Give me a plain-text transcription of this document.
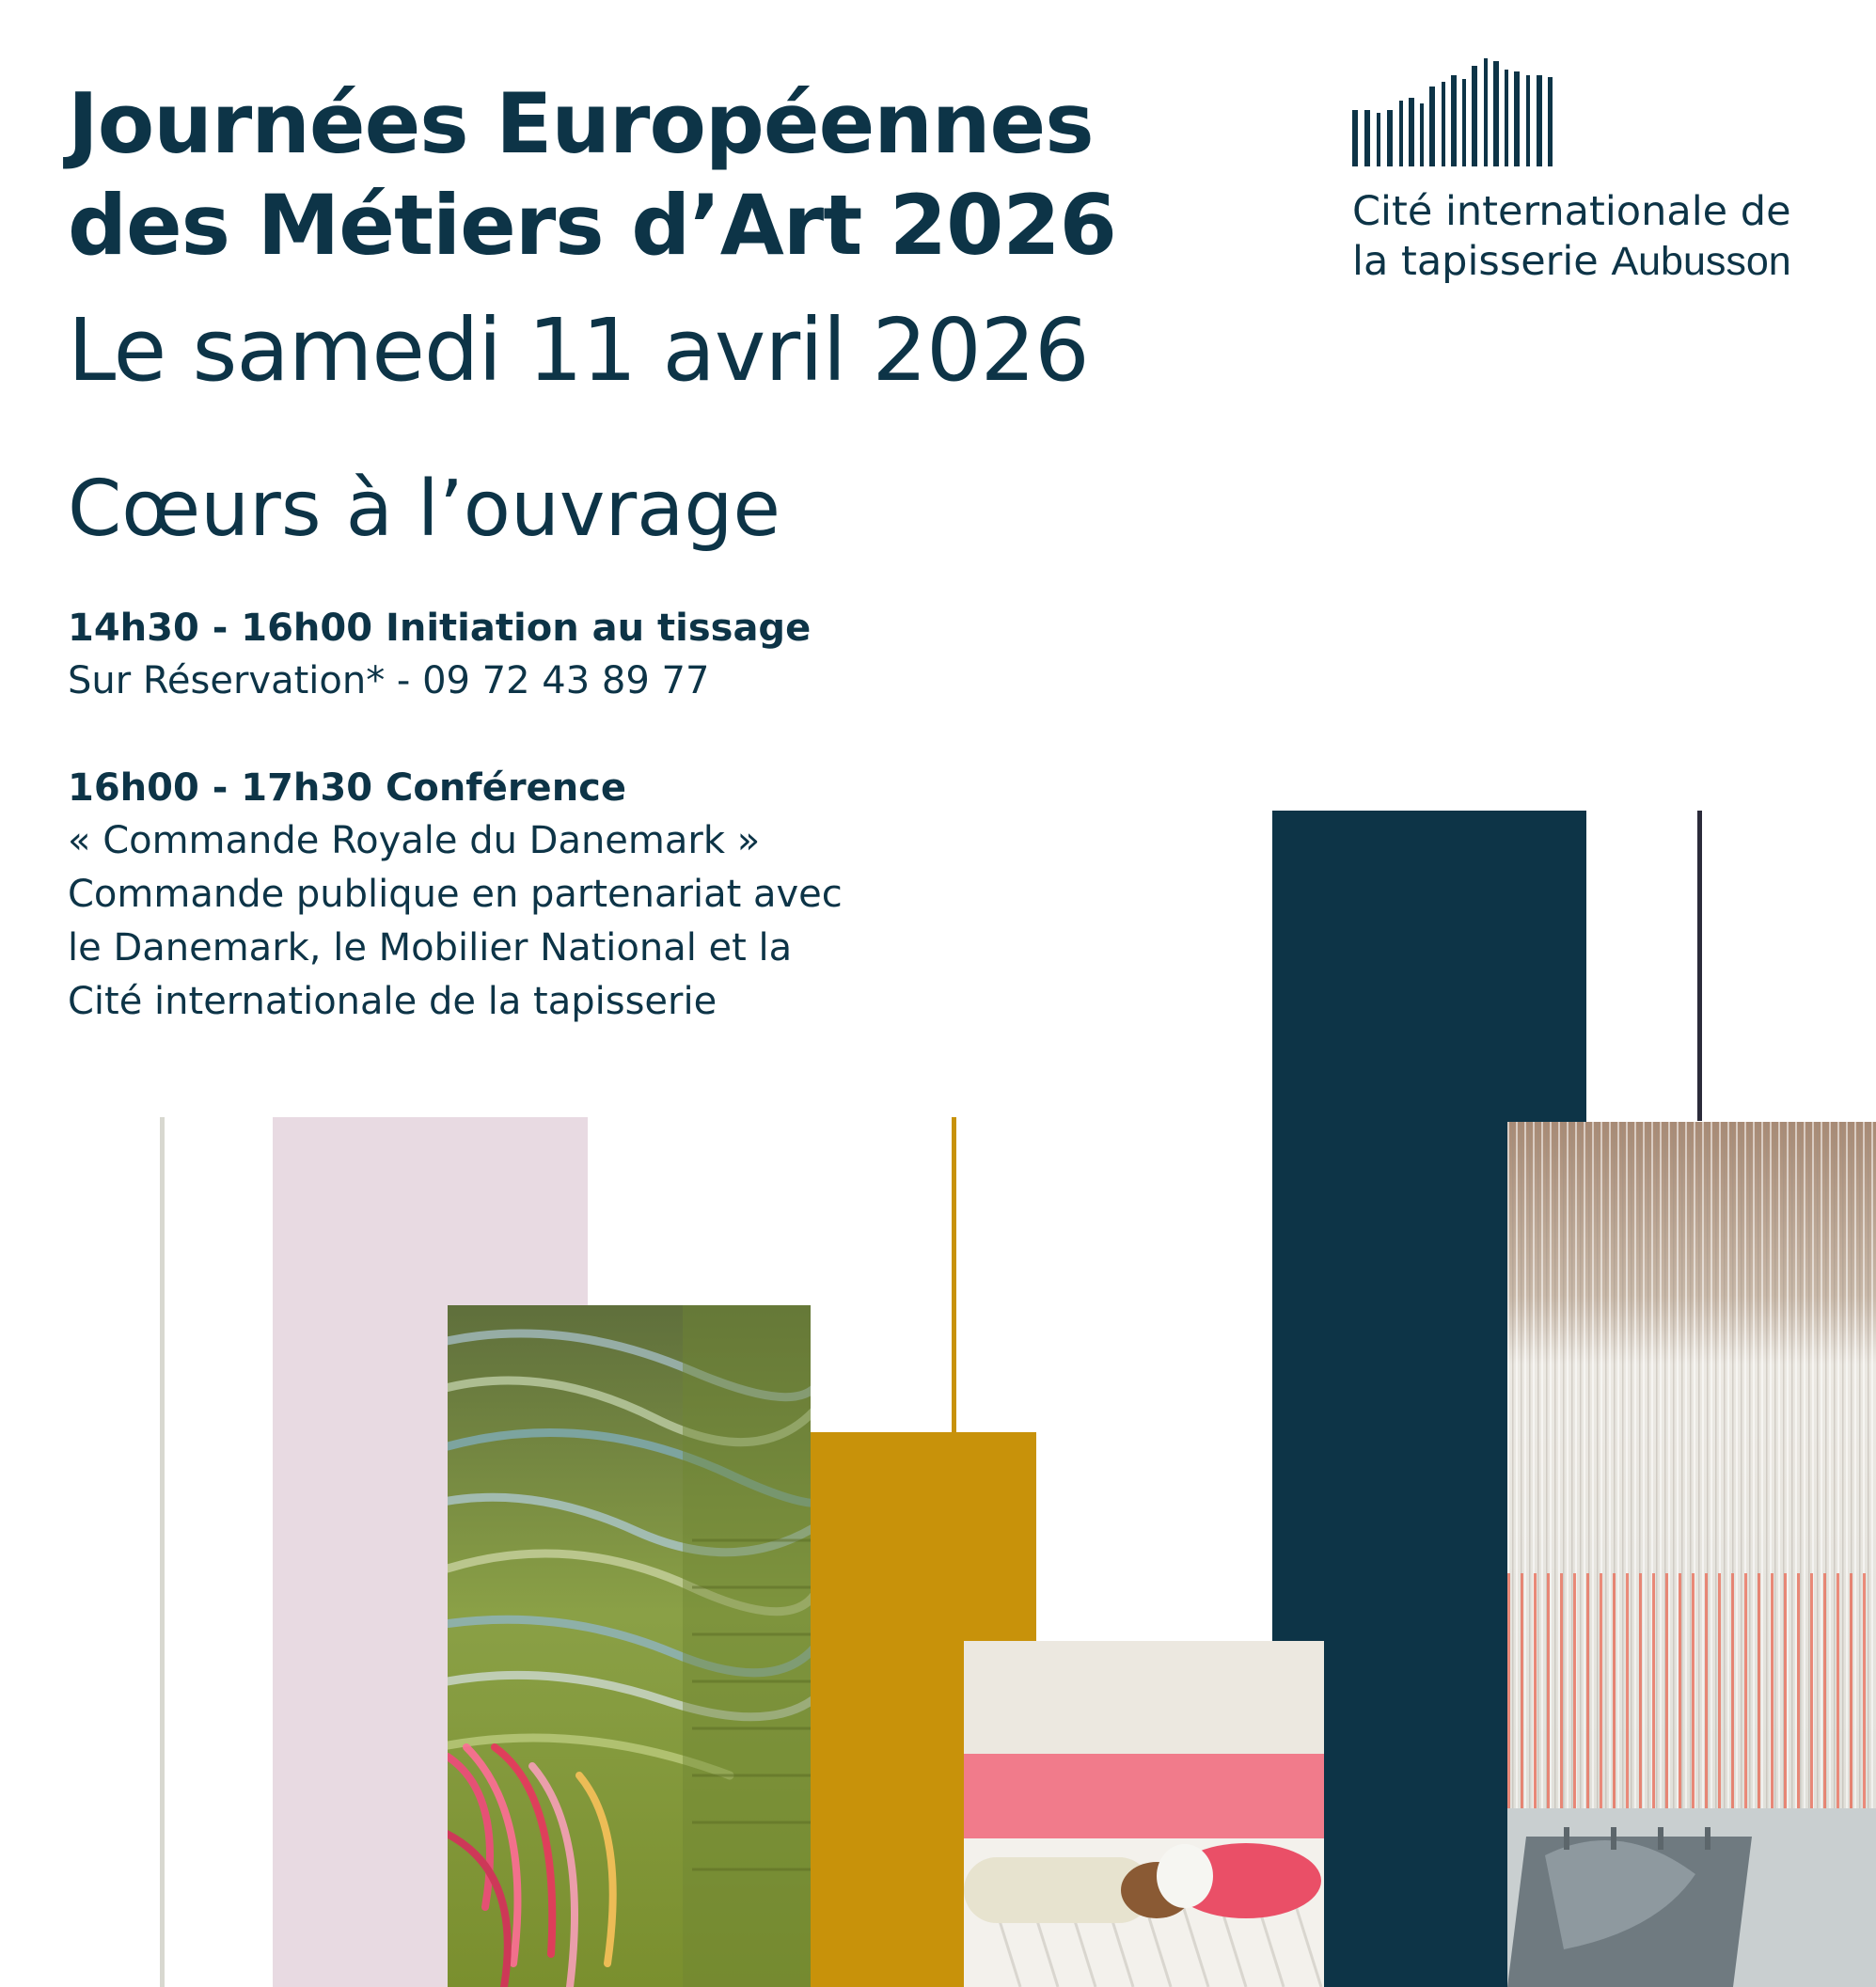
Journées Européennes
des Métiers d’Art 2026
Le samedi 11 avril 2026
Cœurs à l’ouvrage

14h30 - 16h00 Initiation au tissage

Sur Réservation* - 09 72 43 89 77

16h00 - 17h30 Conférence

« Commande Royale du Danemark »

Commande publique en partenariat avec

le Danemark, le Mobilier National et la

Cité internationale de la tapisserie

Cité internationale de
la tapisserie Aubusson
